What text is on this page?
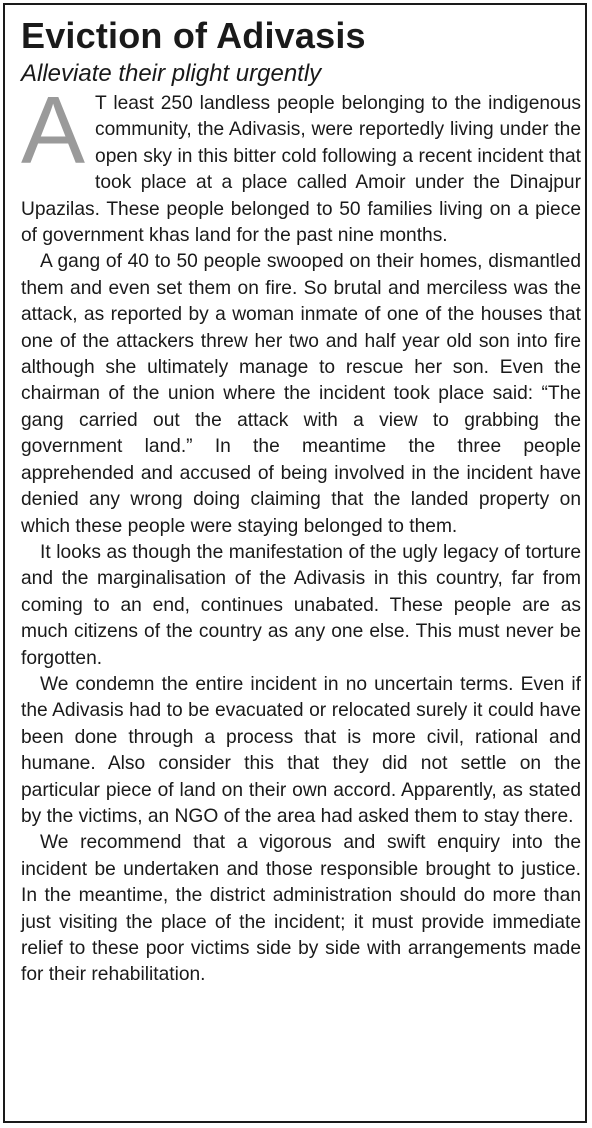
Eviction of Adivasis
Alleviate their plight urgently

A T least 250 landless people belonging to the indigenous community, the Adivasis, were reportedly living under the open sky in this bitter cold following a recent incident that took place at a place called Amoir under the Dinajpur Upazilas. These people belonged to 50 families living on a piece of government khas land for the past nine months.

A gang of 40 to 50 people swooped on their homes, dismantled them and even set them on fire. So brutal and merciless was the attack, as reported by a woman inmate of one of the houses that one of the attackers threw her two and half year old son into fire although she ultimately manage to rescue her son. Even the chairman of the union where the incident took place said: “The gang carried out the attack with a view to grabbing the government land.” In the meantime the three people apprehended and accused of being involved in the incident have denied any wrong doing claiming that the landed property on which these people were staying belonged to them.

It looks as though the manifestation of the ugly legacy of torture and the marginalisation of the Adivasis in this country, far from coming to an end, continues unabated. These people are as much citizens of the country as any one else. This must never be forgotten.

We condemn the entire incident in no uncertain terms. Even if the Adivasis had to be evacuated or relocated surely it could have been done through a process that is more civil, rational and humane. Also consider this that they did not settle on the particular piece of land on their own accord. Apparently, as stated by the victims, an NGO of the area had asked them to stay there.

We recommend that a vigorous and swift enquiry into the incident be undertaken and those responsible brought to justice. In the meantime, the district administration should do more than just visiting the place of the incident; it must provide immediate relief to these poor victims side by side with arrangements made for their rehabilitation.
